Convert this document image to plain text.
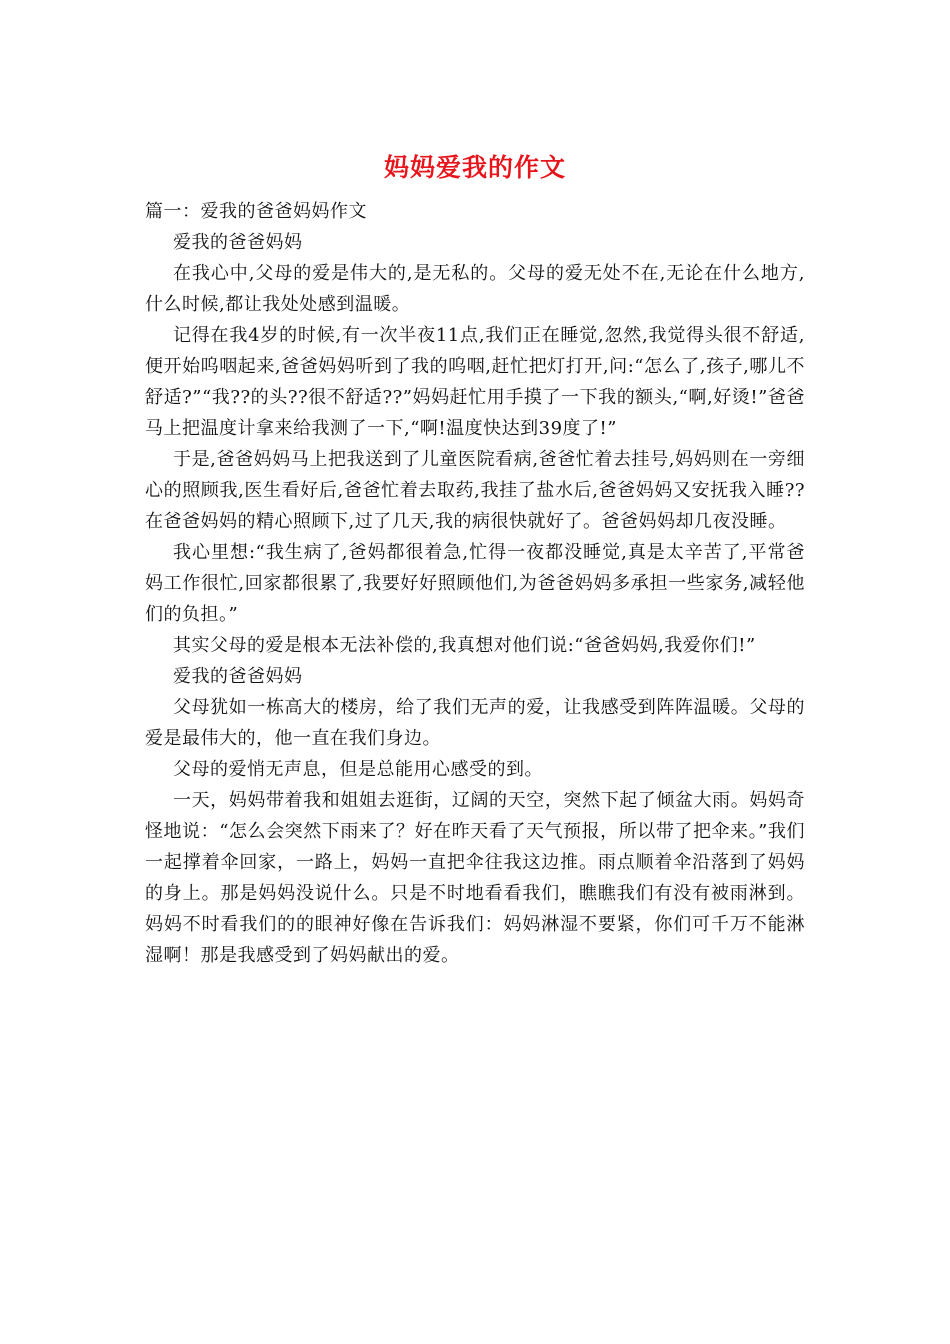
妈妈爱我的作文

篇一：爱我的爸爸妈妈作文

爱我的爸爸妈妈

在我心中,父母的爱是伟大的,是无私的。父母的爱无处不在,无论在什么地方,什么时候,都让我处处感到温暖。

记得在我4岁的时候,有一次半夜11点,我们正在睡觉,忽然,我觉得头很不舒适,便开始呜咽起来,爸爸妈妈听到了我的呜咽,赶忙把灯打开,问:“怎么了,孩子,哪儿不舒适?”“我??的头??很不舒适??”妈妈赶忙用手摸了一下我的额头,“啊,好烫!”爸爸马上把温度计拿来给我测了一下,“啊!温度快达到39度了!”

于是,爸爸妈妈马上把我送到了儿童医院看病,爸爸忙着去挂号,妈妈则在一旁细心的照顾我,医生看好后,爸爸忙着去取药,我挂了盐水后,爸爸妈妈又安抚我入睡??在爸爸妈妈的精心照顾下,过了几天,我的病很快就好了。爸爸妈妈却几夜没睡。

我心里想:“我生病了,爸妈都很着急,忙得一夜都没睡觉,真是太辛苦了,平常爸妈工作很忙,回家都很累了,我要好好照顾他们,为爸爸妈妈多承担一些家务,减轻他们的负担。”

其实父母的爱是根本无法补偿的,我真想对他们说:“爸爸妈妈,我爱你们!”

爱我的爸爸妈妈

父母犹如一栋高大的楼房，给了我们无声的爱，让我感受到阵阵温暖。父母的爱是最伟大的，他一直在我们身边。

父母的爱悄无声息，但是总能用心感受的到。

一天，妈妈带着我和姐姐去逛街，辽阔的天空，突然下起了倾盆大雨。妈妈奇怪地说：“怎么会突然下雨来了？好在昨天看了天气预报，所以带了把伞来。”我们一起撑着伞回家，一路上，妈妈一直把伞往我这边推。雨点顺着伞沿落到了妈妈的身上。那是妈妈没说什么。只是不时地看看我们，瞧瞧我们有没有被雨淋到。妈妈不时看我们的的眼神好像在告诉我们：妈妈淋湿不要紧，你们可千万不能淋湿啊！那是我感受到了妈妈献出的爱。
